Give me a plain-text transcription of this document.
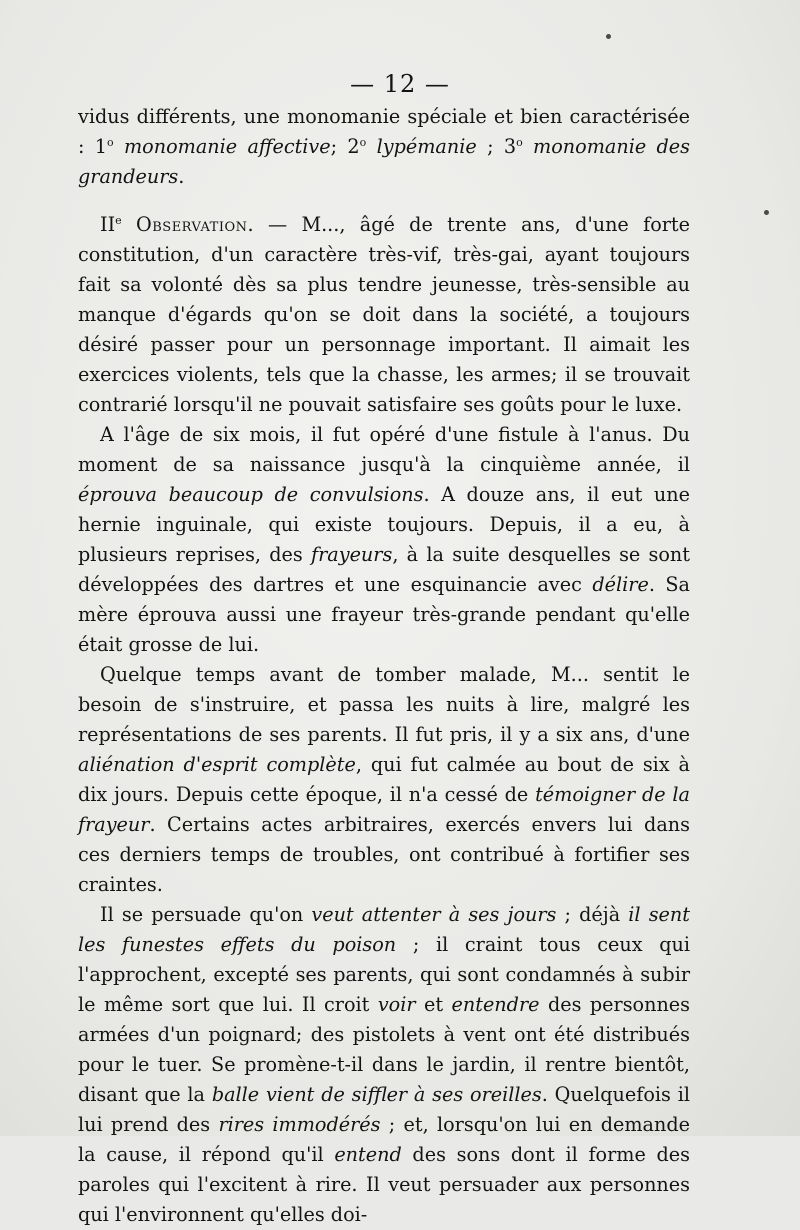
— 12 —

vidus différents, une monomanie spéciale et bien caractérisée : 1$^o$ monomanie affective; 2$^o$ lypémanie ; 3$^o$ monomanie des grandeurs.

IIe Observation. — M..., âgé de trente ans, d'une forte constitution, d'un caractère très-vif, très-gai, ayant toujours fait sa volonté dès sa plus tendre jeunesse, très-sensible au manque d'égards qu'on se doit dans la société, a toujours désiré passer pour un personnage important. Il aimait les exercices violents, tels que la chasse, les armes; il se trouvait contrarié lorsqu'il ne pouvait satisfaire ses goûts pour le luxe.

A l'âge de six mois, il fut opéré d'une fistule à l'anus. Du moment de sa naissance jusqu'à la cinquième année, il éprouva beaucoup de convulsions. A douze ans, il eut une hernie inguinale, qui existe toujours. Depuis, il a eu, à plusieurs reprises, des frayeurs, à la suite desquelles se sont développées des dartres et une esquinancie avec délire. Sa mère éprouva aussi une frayeur très-grande pendant qu'elle était grosse de lui.

Quelque temps avant de tomber malade, M... sentit le besoin de s'instruire, et passa les nuits à lire, malgré les représentations de ses parents. Il fut pris, il y a six ans, d'une aliénation d'esprit complète, qui fut calmée au bout de six à dix jours. Depuis cette époque, il n'a cessé de témoigner de la frayeur. Certains actes arbitraires, exercés envers lui dans ces derniers temps de troubles, ont contribué à fortifier ses craintes.

Il se persuade qu'on veut attenter à ses jours ; déjà il sent les funestes effets du poison ; il craint tous ceux qui l'approchent, excepté ses parents, qui sont condamnés à subir le même sort que lui. Il croit voir et entendre des personnes armées d'un poignard; des pistolets à vent ont été distribués pour le tuer. Se promène-t-il dans le jardin, il rentre bientôt, disant que la balle vient de siffler à ses oreilles. Quelquefois il lui prend des rires immodérés ; et, lorsqu'on lui en demande la cause, il répond qu'il entend des sons dont il forme des paroles qui l'excitent à rire. Il veut persuader aux personnes qui l'environnent qu'elles doi-
